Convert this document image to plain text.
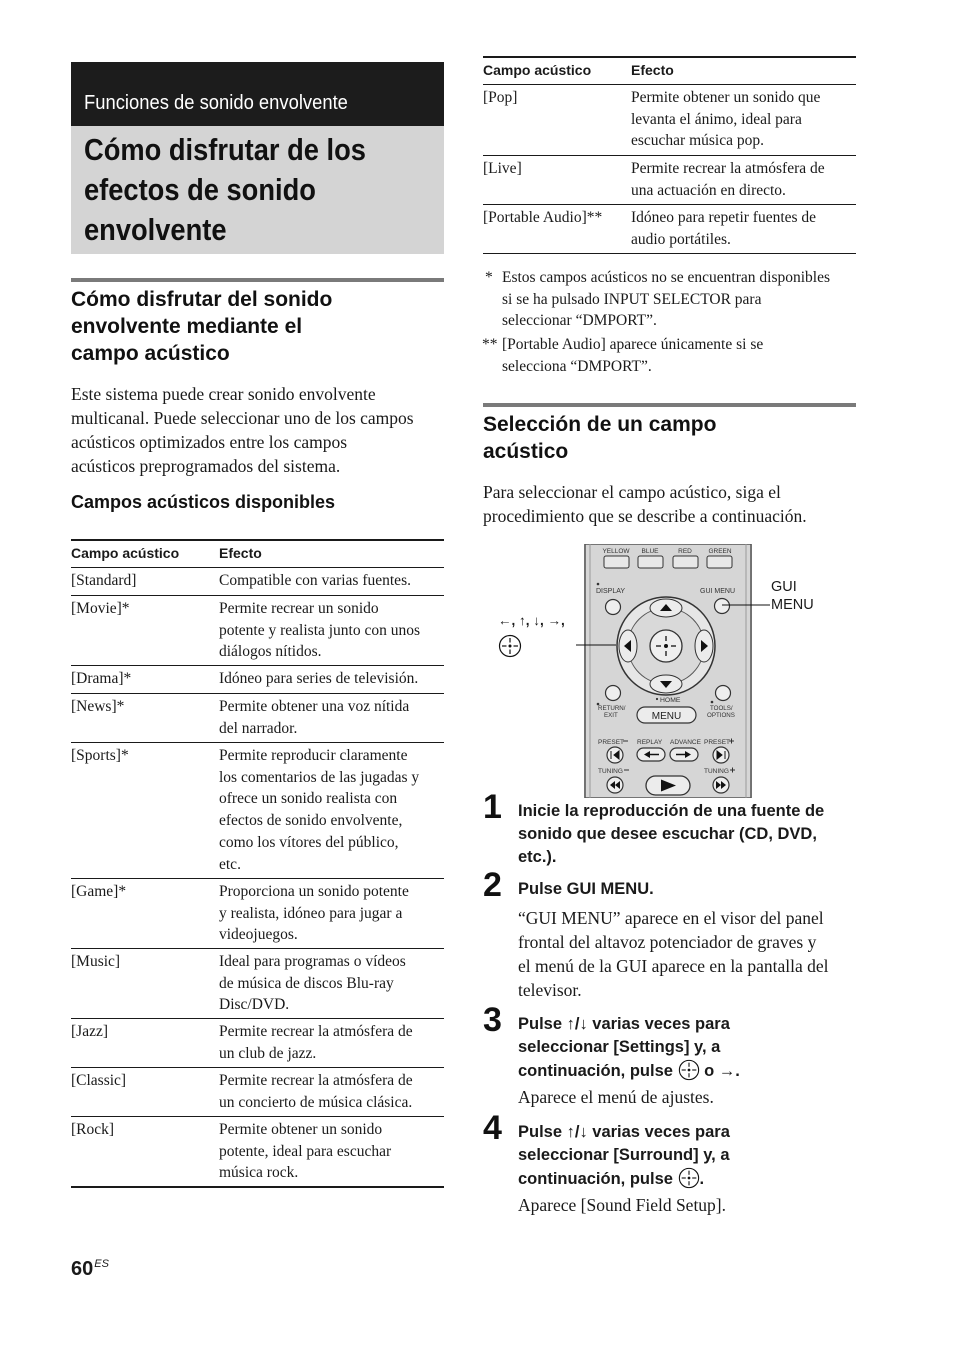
Funciones de sonido envolvente
Cómo disfrutar de los
efectos de sonido
envolvente
Cómo disfrutar del sonido
envolvente mediante el
campo acústico
Este sistema puede crear sonido envolvente
multicanal. Puede seleccionar uno de los campos
acústicos optimizados entre los campos
acústicos preprogramados del sistema.
Campos acústicos disponibles
Campo acústico	Efecto
[Standard]	Compatible con varias fuentes.
[Movie]*	Permite recrear un sonido
potente y realista junto con unos
diálogos nítidos.
[Drama]*	Idóneo para series de televisión.
[News]*	Permite obtener una voz nítida
del narrador.
[Sports]*	Permite reproducir claramente
los comentarios de las jugadas y
ofrece un sonido realista con
efectos de sonido envolvente,
como los vítores del público,
etc.
[Game]*	Proporciona un sonido potente
y realista, idóneo para jugar a
videojuegos.
[Music]	Ideal para programas o vídeos
de música de discos Blu-ray
Disc/DVD.
[Jazz]	Permite recrear la atmósfera de
un club de jazz.
[Classic]	Permite recrear la atmósfera de
un concierto de música clásica.
[Rock]	Permite obtener un sonido
potente, ideal para escuchar
música rock.
Campo acústico	Efecto
[Pop]	Permite obtener un sonido que
levanta el ánimo, ideal para
escuchar música pop.
[Live]	Permite recrear la atmósfera de
una actuación en directo.
[Portable Audio]** Idóneo para repetir fuentes de
audio portátiles.
* Estos campos acústicos no se encuentran disponibles
si se ha pulsado INPUT SELECTOR para
seleccionar “DMPORT”.
** [Portable Audio] aparece únicamente si se
selecciona “DMPORT”.
Selección de un campo
acústico
Para seleccionar el campo acústico, siga el
procedimiento que se describe a continuación.
YELLOW BLUE	RED	GREEN
DISPLAY	GUI MENU
HOME
RETURN/
EXIT	MENU
TOOLS/
OPTIONS
PRESET REPLAY ADVANCE PRESET
TUNING	TUNING
GUI
MENU
←, ↑, ↓, →,
1 Inicie la reproducción de una fuente de
sonido que desee escuchar (CD, DVD,
etc.).
2 Pulse GUI MENU.
“GUI MENU” aparece en el visor del panel
frontal del altavoz potenciador de graves y
el menú de la GUI aparece en la pantalla del
televisor.
3 Pulse ↑/↓ varias veces para
seleccionar [Settings] y, a
continuación, pulse o →.
Aparece el menú de ajustes.
4 Pulse ↑/↓ varias veces para
seleccionar [Surround] y, a
continuación, pulse .
Aparece [Sound Field Setup].
$60^{ES}$
